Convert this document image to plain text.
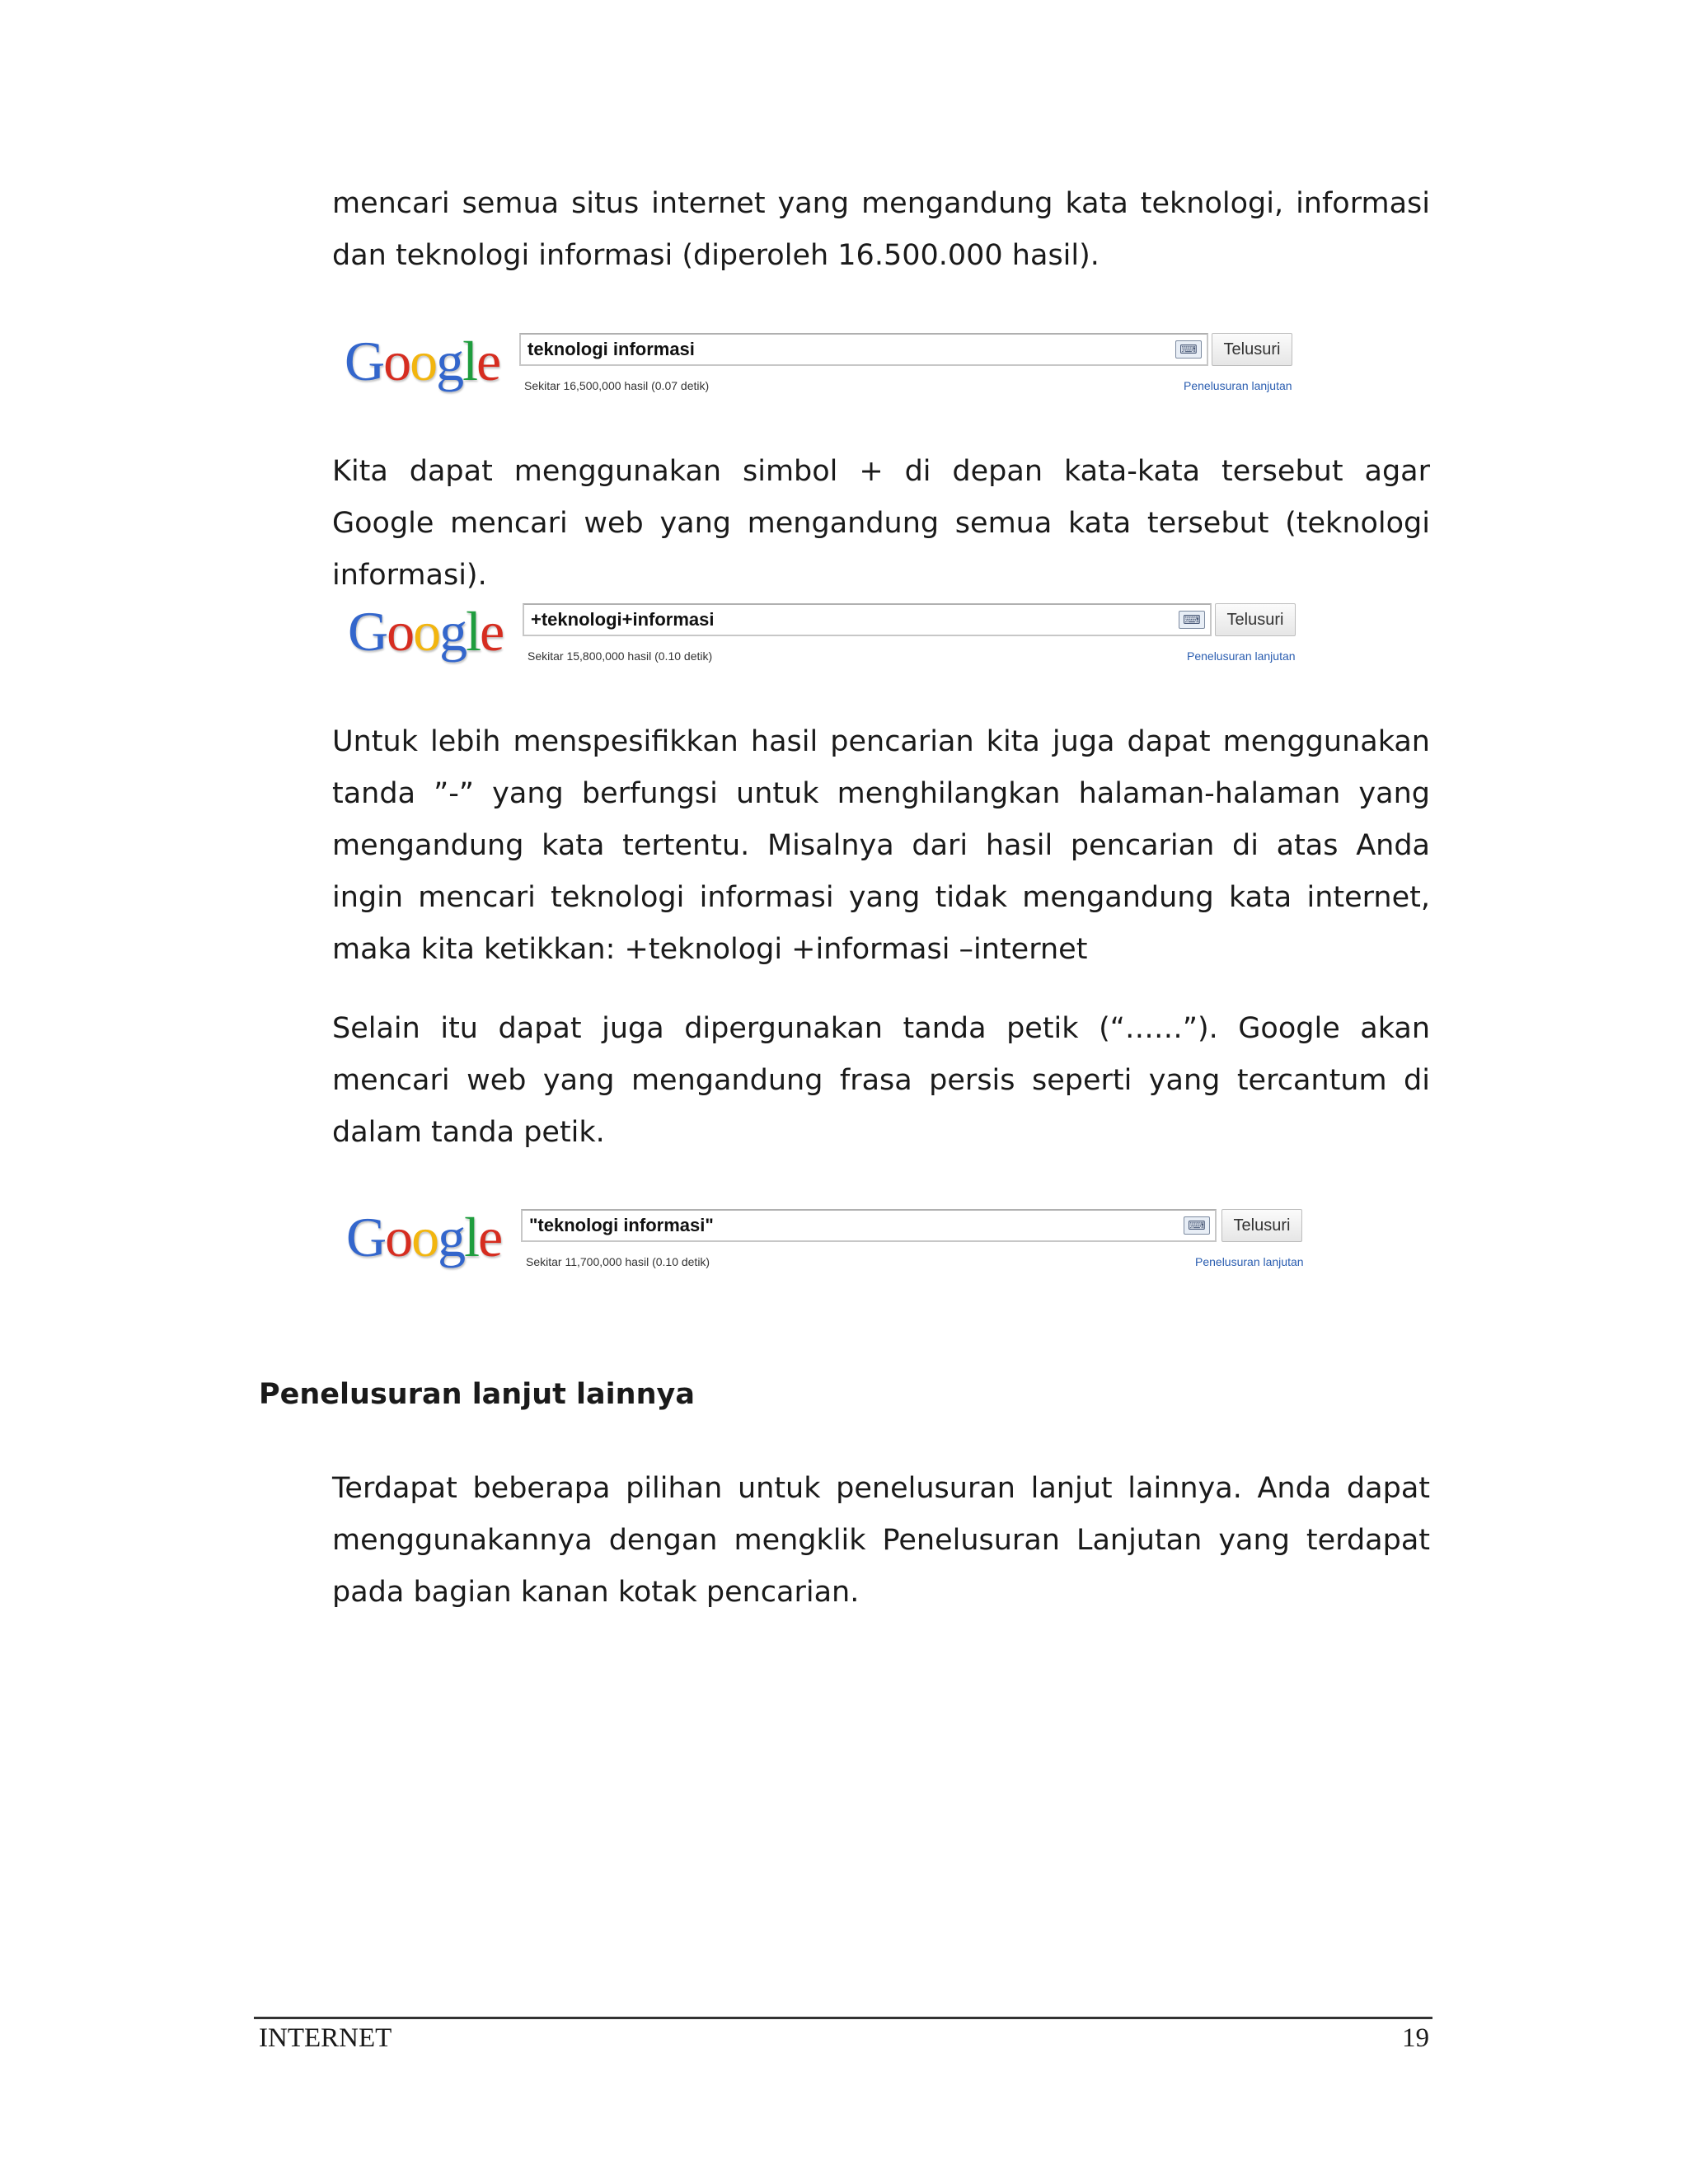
mencari semua situs internet yang mengandung kata teknologi, informasi dan teknologi informasi (diperoleh 16.500.000 hasil).

Google teknologi informasi	⌨	Telusuri
Sekitar 16,500,000 hasil (0.07 detik)	Penelusuran lanjutan

Kita dapat menggunakan simbol + di depan kata-kata tersebut agar Google mencari web yang mengandung semua kata tersebut (teknologi informasi).

Google +teknologi+informasi	⌨	Telusuri
Sekitar 15,800,000 hasil (0.10 detik)	Penelusuran lanjutan

Untuk lebih menspesifikkan hasil pencarian kita juga dapat menggunakan tanda ”-” yang berfungsi untuk menghilangkan halaman-halaman yang mengandung kata tertentu. Misalnya dari hasil pencarian di atas Anda ingin mencari teknologi informasi yang tidak mengandung kata internet, maka kita ketikkan: +teknologi +informasi –internet

Selain itu dapat juga dipergunakan tanda petik (“……”). Google akan mencari web yang mengandung frasa persis seperti yang tercantum di dalam tanda petik.

Google "teknologi informasi"	⌨	Telusuri
Sekitar 11,700,000 hasil (0.10 detik)	Penelusuran lanjutan
Penelusuran lanjut lainnya

Terdapat beberapa pilihan untuk penelusuran lanjut lainnya. Anda dapat menggunakannya dengan mengklik Penelusuran Lanjutan yang terdapat pada bagian kanan kotak pencarian.

INTERNET	19
